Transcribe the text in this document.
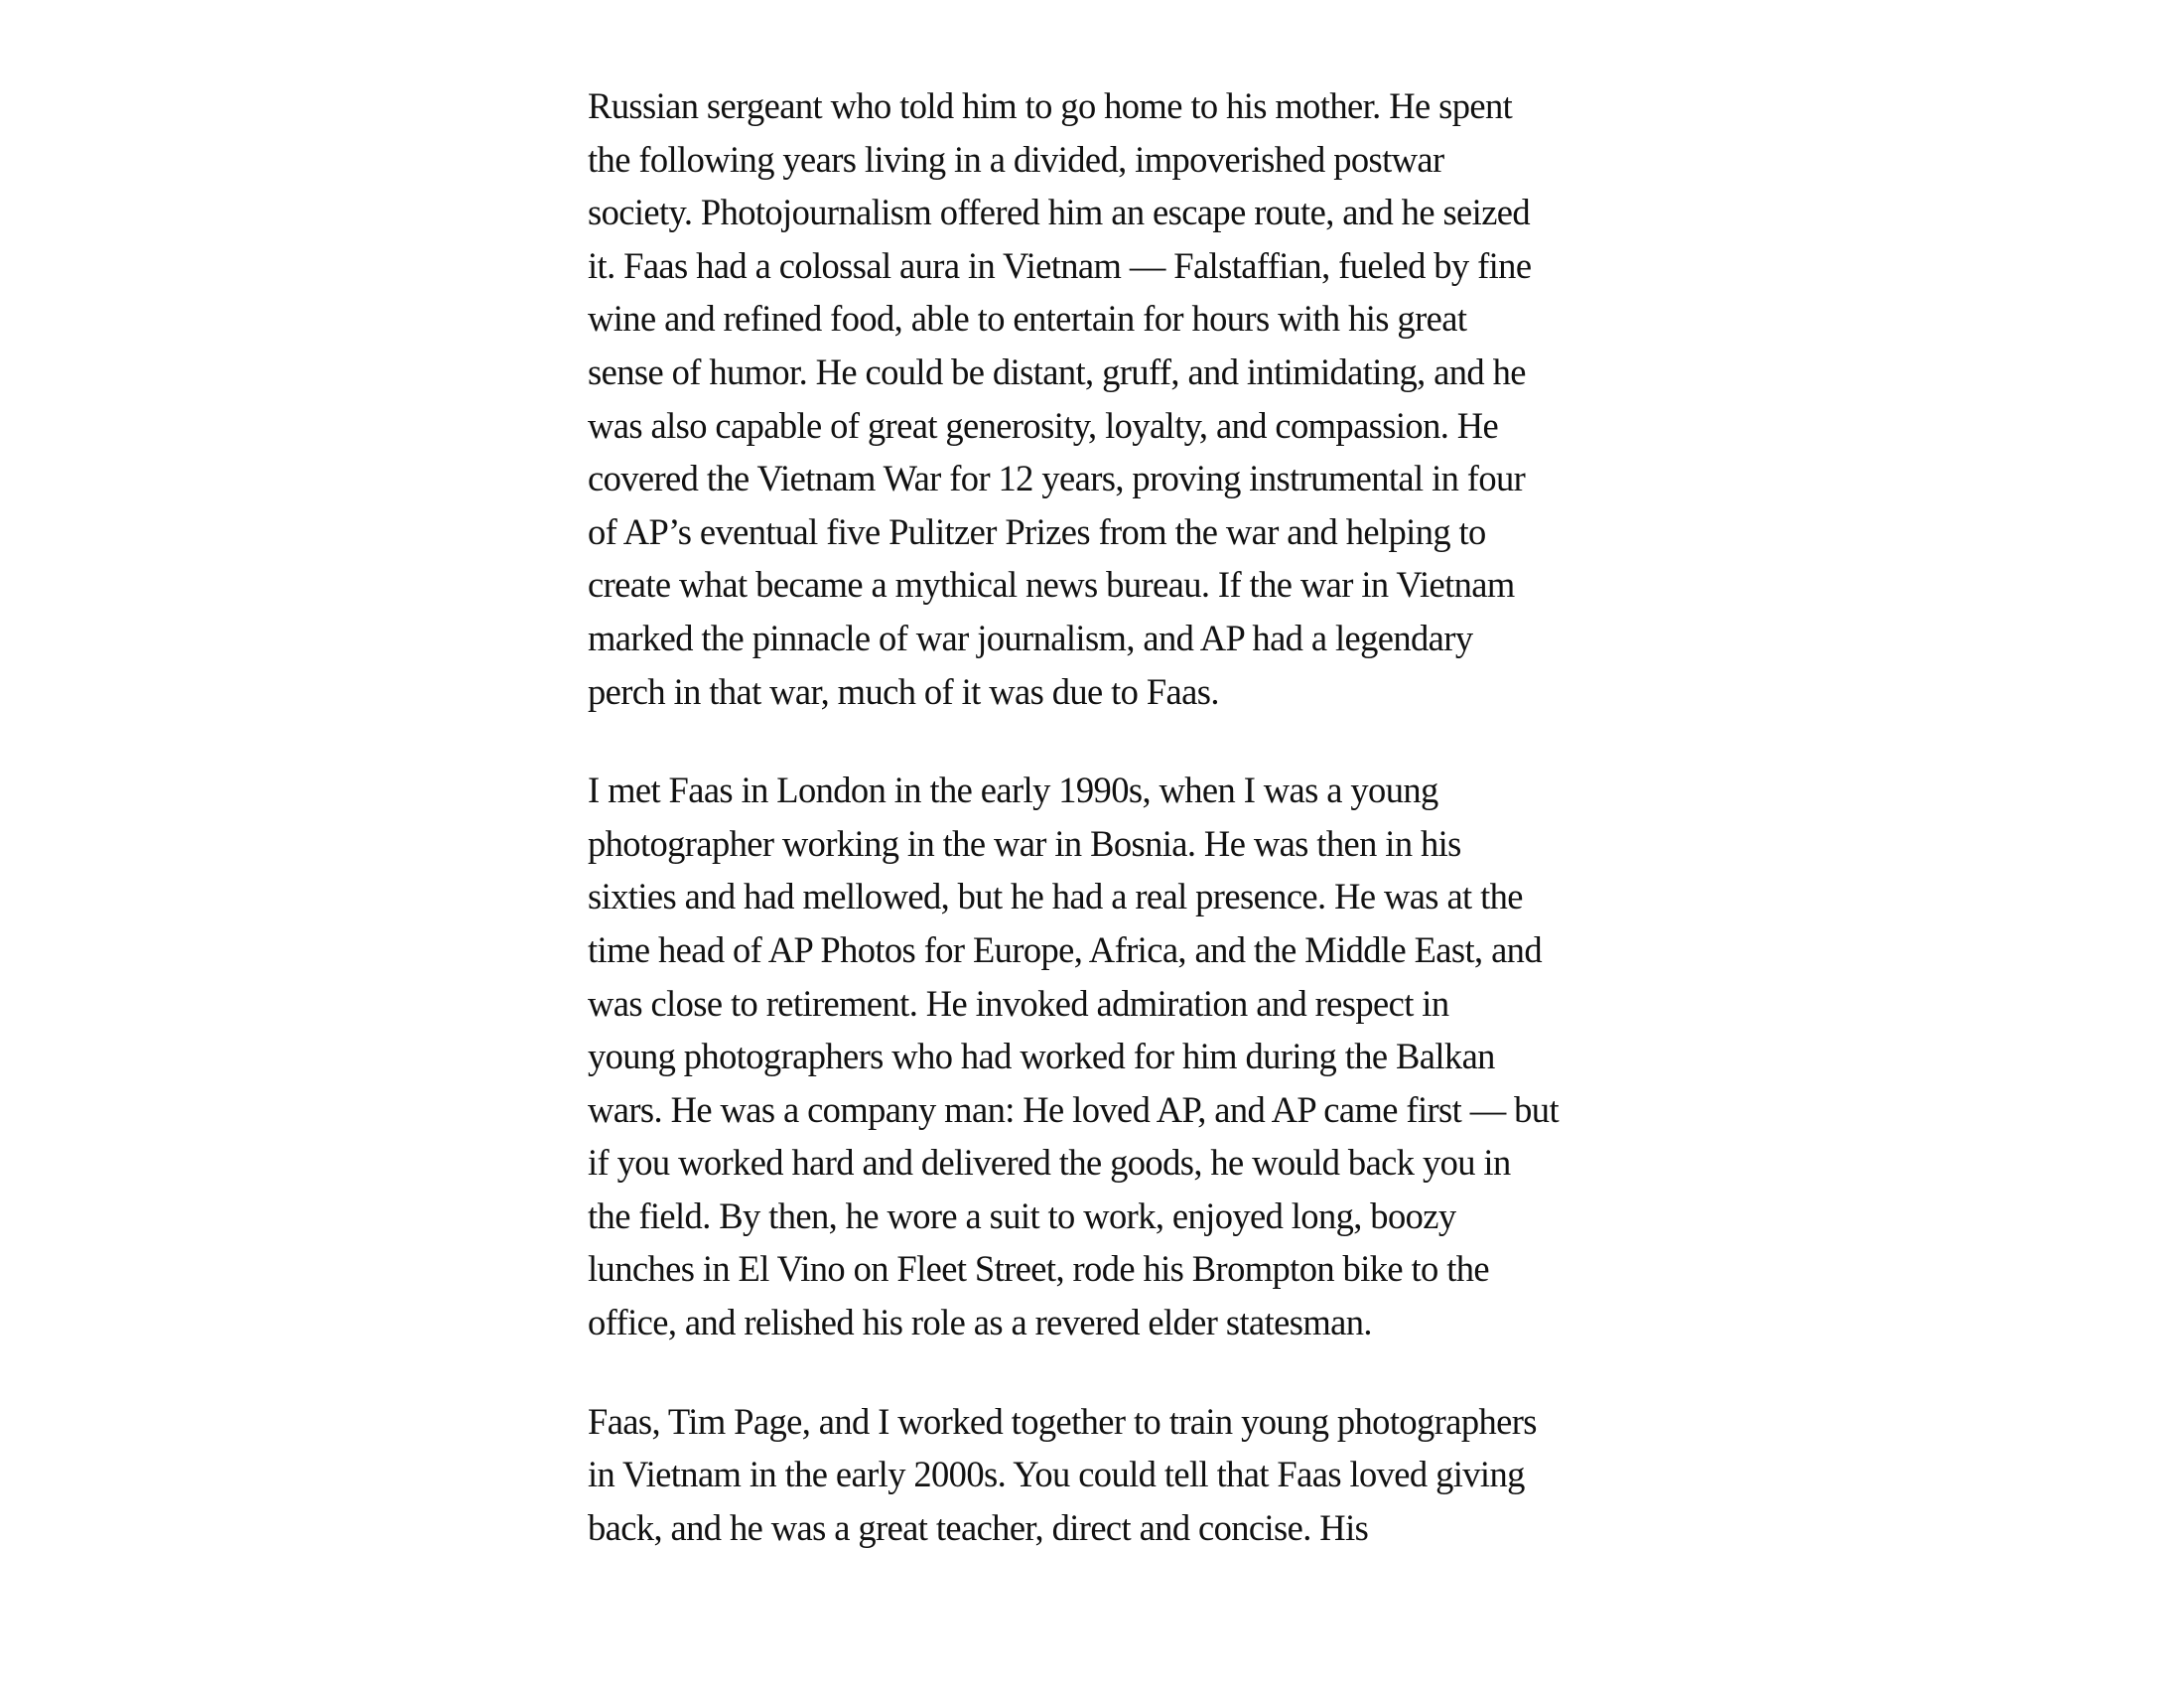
Russian sergeant who told him to go home to his mother. He spent
the following years living in a divided, impoverished postwar
society. Photojournalism offered him an escape route, and he seized
it. Faas had a colossal aura in Vietnam — Falstaffian, fueled by fine
wine and refined food, able to entertain for hours with his great
sense of humor. He could be distant, gruff, and intimidating, and he
was also capable of great generosity, loyalty, and compassion. He
covered the Vietnam War for 12 years, proving instrumental in four
of AP’s eventual five Pulitzer Prizes from the war and helping to
create what became a mythical news bureau. If the war in Vietnam
marked the pinnacle of war journalism, and AP had a legendary
perch in that war, much of it was due to Faas.

I met Faas in London in the early 1990s, when I was a young
photographer working in the war in Bosnia. He was then in his
sixties and had mellowed, but he had a real presence. He was at the
time head of AP Photos for Europe, Africa, and the Middle East, and
was close to retirement. He invoked admiration and respect in
young photographers who had worked for him during the Balkan
wars. He was a company man: He loved AP, and AP came first — but
if you worked hard and delivered the goods, he would back you in
the field. By then, he wore a suit to work, enjoyed long, boozy
lunches in El Vino on Fleet Street, rode his Brompton bike to the
office, and relished his role as a revered elder statesman.

Faas, Tim Page, and I worked together to train young photographers
in Vietnam in the early 2000s. You could tell that Faas loved giving
back, and he was a great teacher, direct and concise. His
